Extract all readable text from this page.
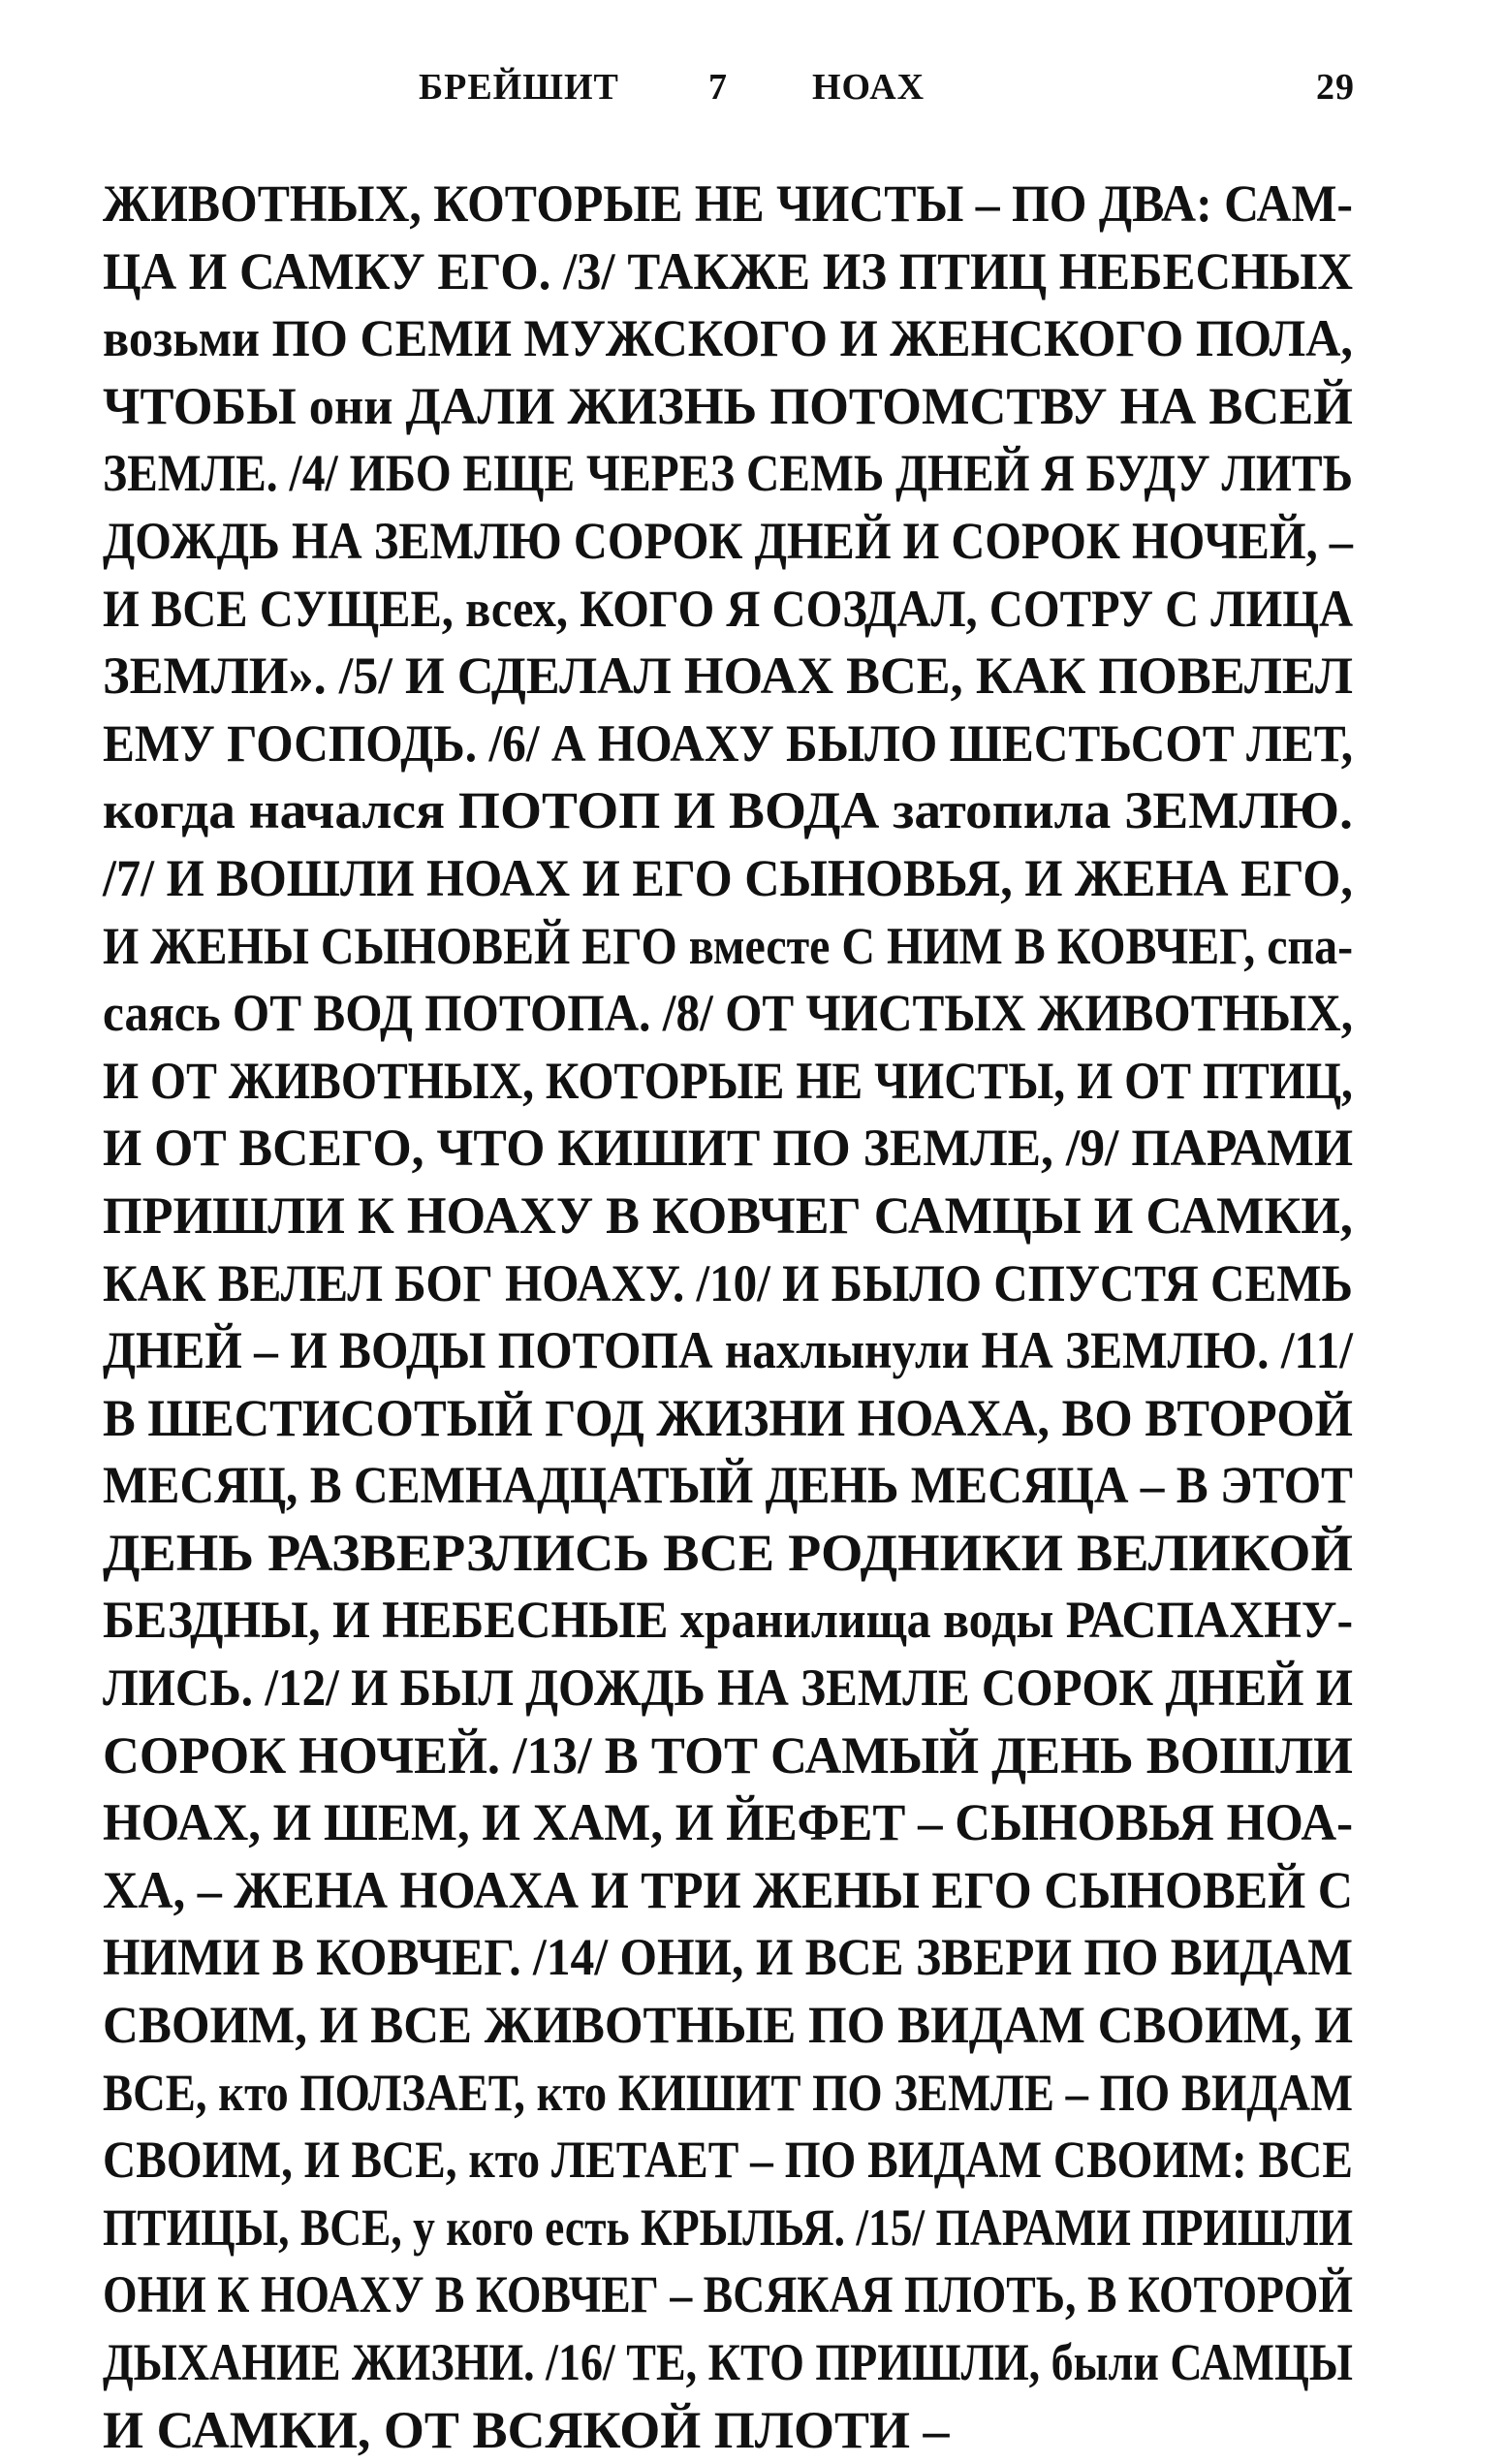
БРЕЙШИТ 7 НОАХ	29
ЖИВОТНЫХ, КОТОРЫЕ НЕ ЧИСТЫ – ПО ДВА: САМ-
ЦА И САМКУ ЕГО. /3/ ТАКЖЕ ИЗ ПТИЦ НЕБЕСНЫХ
возьми ПО СЕМИ МУЖСКОГО И ЖЕНСКОГО ПОЛА,
ЧТОБЫ они ДАЛИ ЖИЗНЬ ПОТОМСТВУ НА ВСЕЙ
ЗЕМЛЕ. /4/ ИБО ЕЩЕ ЧЕРЕЗ СЕМЬ ДНЕЙ Я БУДУ ЛИТЬ
ДОЖДЬ НА ЗЕМЛЮ СОРОК ДНЕЙ И СОРОК НОЧЕЙ, –
И ВСЕ СУЩЕЕ, всех, КОГО Я СОЗДАЛ, СОТРУ С ЛИЦА
ЗЕМЛИ». /5/ И СДЕЛАЛ НОАХ ВСЕ, КАК ПОВЕЛЕЛ
ЕМУ ГОСПОДЬ. /6/ А НОАХУ БЫЛО ШЕСТЬСОТ ЛЕТ,
когда начался ПОТОП И ВОДА затопила ЗЕМЛЮ.
/7/ И ВОШЛИ НОАХ И ЕГО СЫНОВЬЯ, И ЖЕНА ЕГО,
И ЖЕНЫ СЫНОВЕЙ ЕГО вместе С НИМ В КОВЧЕГ, спа-
саясь ОТ ВОД ПОТОПА. /8/ ОТ ЧИСТЫХ ЖИВОТНЫХ,
И ОТ ЖИВОТНЫХ, КОТОРЫЕ НЕ ЧИСТЫ, И ОТ ПТИЦ,
И ОТ ВСЕГО, ЧТО КИШИТ ПО ЗЕМЛЕ, /9/ ПАРАМИ
ПРИШЛИ К НОАХУ В КОВЧЕГ САМЦЫ И САМКИ,
КАК ВЕЛЕЛ БОГ НОАХУ. /10/ И БЫЛО СПУСТЯ СЕМЬ
ДНЕЙ – И ВОДЫ ПОТОПА нахлынули НА ЗЕМЛЮ. /11/
В ШЕСТИСОТЫЙ ГОД ЖИЗНИ НОАХА, ВО ВТОРОЙ
МЕСЯЦ, В СЕМНАДЦАТЫЙ ДЕНЬ МЕСЯЦА – В ЭТОТ
ДЕНЬ РАЗВЕРЗЛИСЬ ВСЕ РОДНИКИ ВЕЛИКОЙ
БЕЗДНЫ, И НЕБЕСНЫЕ хранилища воды РАСПАХНУ-
ЛИСЬ. /12/ И БЫЛ ДОЖДЬ НА ЗЕМЛЕ СОРОК ДНЕЙ И
СОРОК НОЧЕЙ. /13/ В ТОТ САМЫЙ ДЕНЬ ВОШЛИ
НОАХ, И ШЕМ, И ХАМ, И ЙЕФЕТ – СЫНОВЬЯ НОА-
ХА, – ЖЕНА НОАХА И ТРИ ЖЕНЫ ЕГО СЫНОВЕЙ С
НИМИ В КОВЧЕГ. /14/ ОНИ, И ВСЕ ЗВЕРИ ПО ВИДАМ
СВОИМ, И ВСЕ ЖИВОТНЫЕ ПО ВИДАМ СВОИМ, И
ВСЕ, кто ПОЛЗАЕТ, кто КИШИТ ПО ЗЕМЛЕ – ПО ВИДАМ
СВОИМ, И ВСЕ, кто ЛЕТАЕТ – ПО ВИДАМ СВОИМ: ВСЕ
ПТИЦЫ, ВСЕ, у кого есть КРЫЛЬЯ. /15/ ПАРАМИ ПРИШЛИ
ОНИ К НОАХУ В КОВЧЕГ – ВСЯКАЯ ПЛОТЬ, В КОТОРОЙ
ДЫХАНИЕ ЖИЗНИ. /16/ ТЕ, КТО ПРИШЛИ, были САМЦЫ
И САМКИ, ОТ ВСЯКОЙ ПЛОТИ –
